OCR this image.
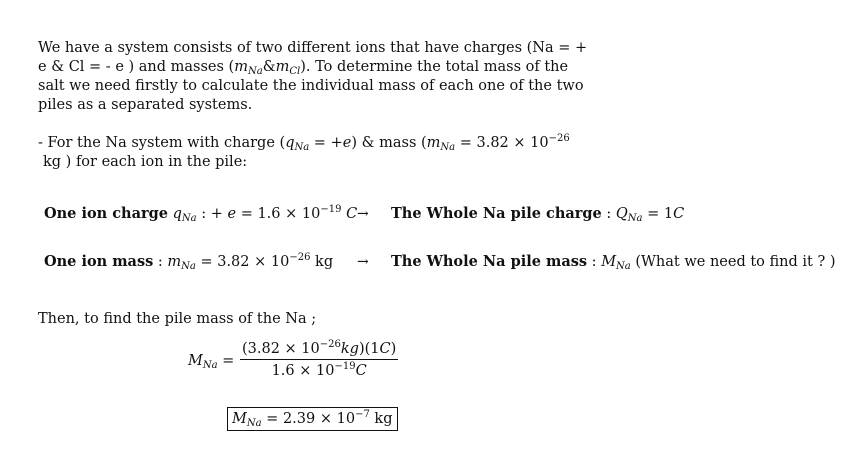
We have a system consists of two different ions that have charges (Na = +
e & Cl = - e ) and masses $(m_{Na}\&m_{Cl})$. To determine the total mass of the
salt we need firstly to calculate the individual mass of each one of the two
piles as a separated systems.
- For the Na system with charge $(q_{Na} = +e)$ & mass ($m_{Na} = 3.82 \times 10^{-26}$
kg ) for each ion in the pile:
One ion charge $q_{Na}$ : + $e = 1.6 \times 10^{-19}$ C → The Whole Na pile charge : $Q_{Na} = 1C$
One ion mass : $m_{Na} = 3.82 \times 10^{-26}$ kg → The Whole Na pile mass : $M_{Na}$ (What we need to find it ? )
Then, to find the pile mass of the Na ;
$M_{Na} = \frac{(3.82 \times 10^{-26}kg)(1C)}{1.6 \times 10^{-19}C}$
$M_{Na} = 2.39 \times 10^{-7}$ kg
